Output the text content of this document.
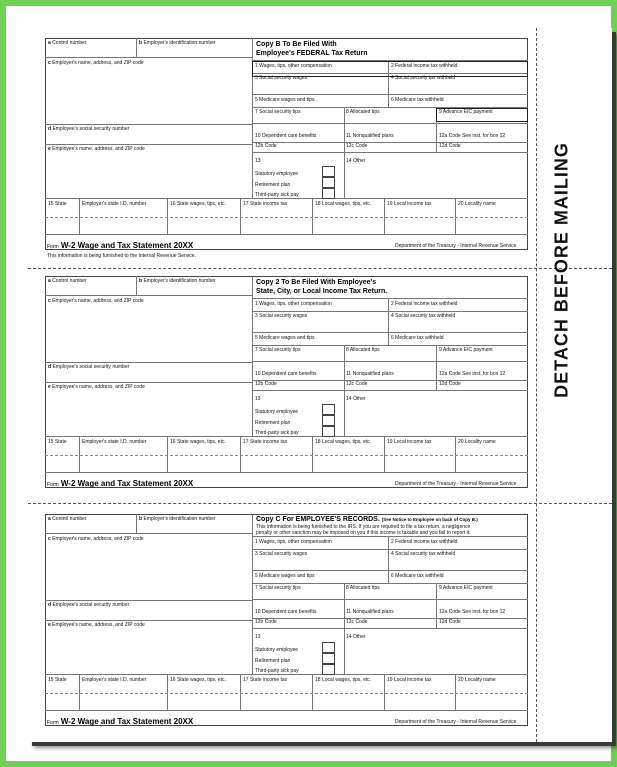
DETACH BEFORE MAILING
a Control number	b Employer's identification number
c Employer's name, address, and ZIP code
d Employee's social security number
e Employee's name, address, and ZIP code
1 Wages, tips, other compensation	2 Federal income tax withheld
3 Social security wages	4 Social security tax withheld
5 Medicare wages and tips	6 Medicare tax withheld
7 Social security tips	8 Allocated tips	9 Advance EIC payment
10 Dependent care benefits	11 Nonqualified plans	12a Code See inst. for box 12
12b Code	12c Code	12d Code
13	14 Other
Statutory employee
Retirement plan
Third-party sick pay
15 State	Employer's state I.D. number	16 State wages, tips, etc.	17 State income tax	18 Local wages, tips, etc.	19 Local income tax	20 Locality name
Form W-2 Wage and Tax Statement 20XX	Department of the Treasury - Internal Revenue Service
a Control number	b Employer's identification number
c Employer's name, address, and ZIP code
d Employee's social security number
e Employee's name, address, and ZIP code
1 Wages, tips, other compensation	2 Federal income tax withheld
3 Social security wages	4 Social security tax withheld
5 Medicare wages and tips	6 Medicare tax withheld
7 Social security tips	8 Allocated tips	9 Advance EIC payment
10 Dependent care benefits	11 Nonqualified plans	12a Code See inst. for box 12
12b Code	12c Code	12d Code
13	14 Other
Statutory employee
Retirement plan
Third-party sick pay
15 State	Employer's state I.D. number	16 State wages, tips, etc.	17 State income tax	18 Local wages, tips, etc.	19 Local income tax	20 Locality name
Form W-2 Wage and Tax Statement 20XX	Department of the Treasury - Internal Revenue Service
a Control number	b Employer's identification number
c Employer's name, address, and ZIP code
d Employee's social security number
e Employee's name, address, and ZIP code
1 Wages, tips, other compensation	2 Federal income tax withheld
3 Social security wages	4 Social security tax withheld
5 Medicare wages and tips	6 Medicare tax withheld
7 Social security tips	8 Allocated tips	9 Advance EIC payment
10 Dependent care benefits	11 Nonqualified plans	12a Code See inst. for box 12
12b Code	12c Code	12d Code
13	14 Other
Statutory employee
Retirement plan
Third-party sick pay
15 State	Employer's state I.D. number	16 State wages, tips, etc.	17 State income tax	18 Local wages, tips, etc.	19 Local income tax	20 Locality name
Form W-2 Wage and Tax Statement 20XX	Department of the Treasury - Internal Revenue Service
Copy B To Be Filed With
Employee's FEDERAL Tax Return
This information is being furnished to the Internal Revenue Service.
Copy 2 To Be Filed With Employee's
State, City, or Local Income Tax Return.
Copy C For EMPLOYEE'S RECORDS. (See Notice to Employee on back of Copy B.)
This information is being furnished to the IRS. If you are required to file a tax return, a negligence
penalty or other sanction may be imposed on you if this income is taxable and you fail to report it.
